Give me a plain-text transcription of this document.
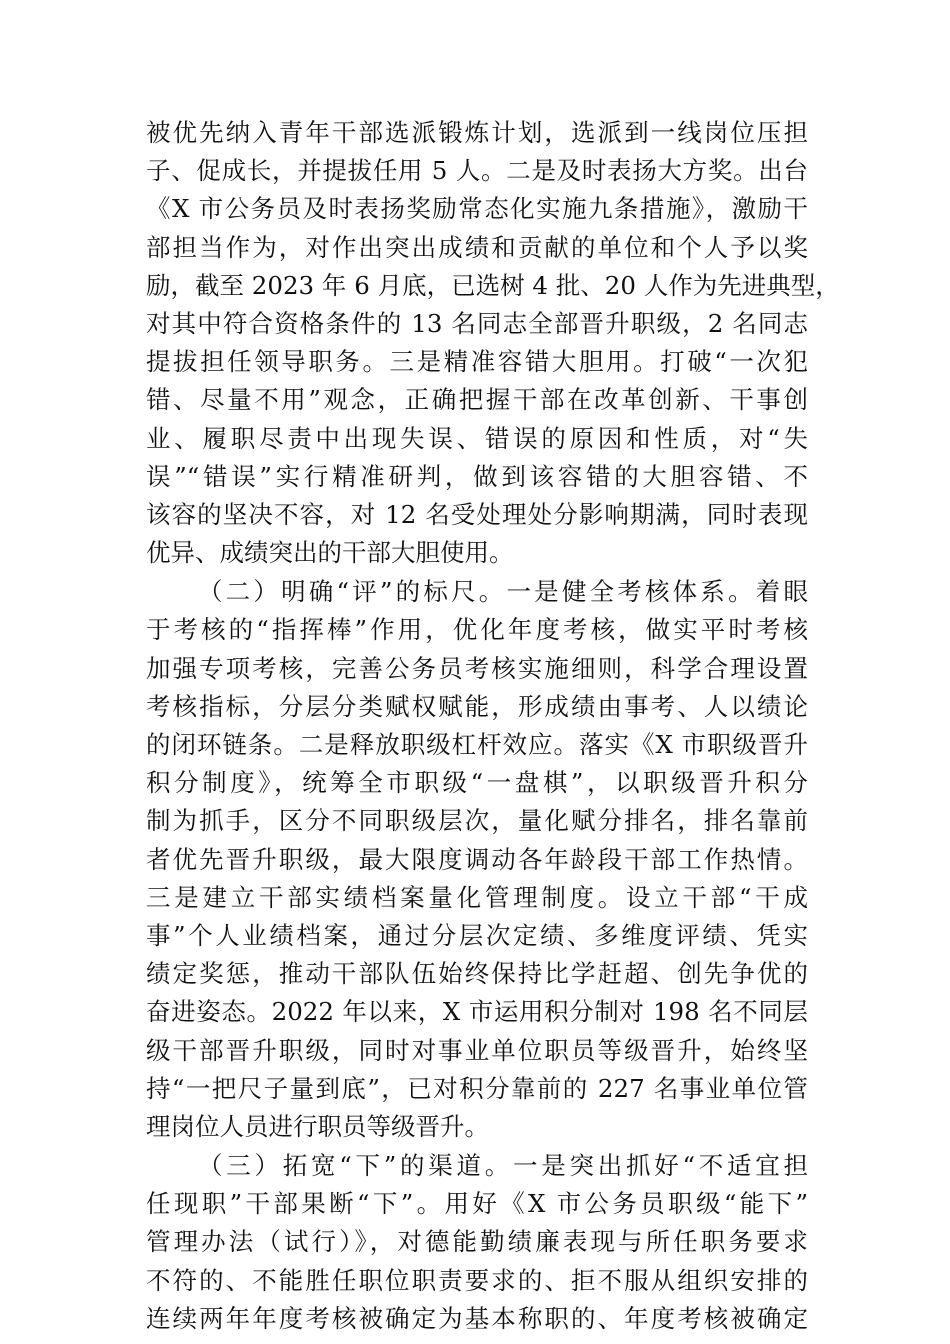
被优先纳入青年干部选派锻炼计划，选派到一线岗位压担
子、促成长，并提拔任用 5 人。二是及时表扬大方奖。出台
《X 市公务员及时表扬奖励常态化实施九条措施》，激励干
部担当作为，对作出突出成绩和贡献的单位和个人予以奖
励，截至 2023 年 6 月底，已选树 4 批、20 人作为先进典型，
对其中符合资格条件的 13 名同志全部晋升职级，2 名同志
提拔担任领导职务。三是精准容错大胆用。打破“一次犯
错、尽量不用”观念，正确把握干部在改革创新、干事创
业、履职尽责中出现失误、错误的原因和性质，对“失
误”“错误”实行精准研判，做到该容错的大胆容错、不
该容的坚决不容，对 12 名受处理处分影响期满，同时表现
优异、成绩突出的干部大胆使用。
（二）明确“评”的标尺。一是健全考核体系。着眼
于考核的“指挥棒”作用，优化年度考核，做实平时考核
加强专项考核，完善公务员考核实施细则，科学合理设置
考核指标，分层分类赋权赋能，形成绩由事考、人以绩论
的闭环链条。二是释放职级杠杆效应。落实《X 市职级晋升
积分制度》，统筹全市职级“一盘棋”，以职级晋升积分
制为抓手，区分不同职级层次，量化赋分排名，排名靠前
者优先晋升职级，最大限度调动各年龄段干部工作热情。
三是建立干部实绩档案量化管理制度。设立干部“干成
事”个人业绩档案，通过分层次定绩、多维度评绩、凭实
绩定奖惩，推动干部队伍始终保持比学赶超、创先争优的
奋进姿态。2022 年以来，X 市运用积分制对 198 名不同层
级干部晋升职级，同时对事业单位职员等级晋升，始终坚
持“一把尺子量到底”，已对积分靠前的 227 名事业单位管
理岗位人员进行职员等级晋升。
（三）拓宽“下”的渠道。一是突出抓好“不适宜担
任现职”干部果断“下”。用好《X 市公务员职级“能下”
管理办法（试行）》，对德能勤绩廉表现与所任职务要求
不符的、不能胜任职位职责要求的、拒不服从组织安排的
连续两年年度考核被确定为基本称职的、年度考核被确定
